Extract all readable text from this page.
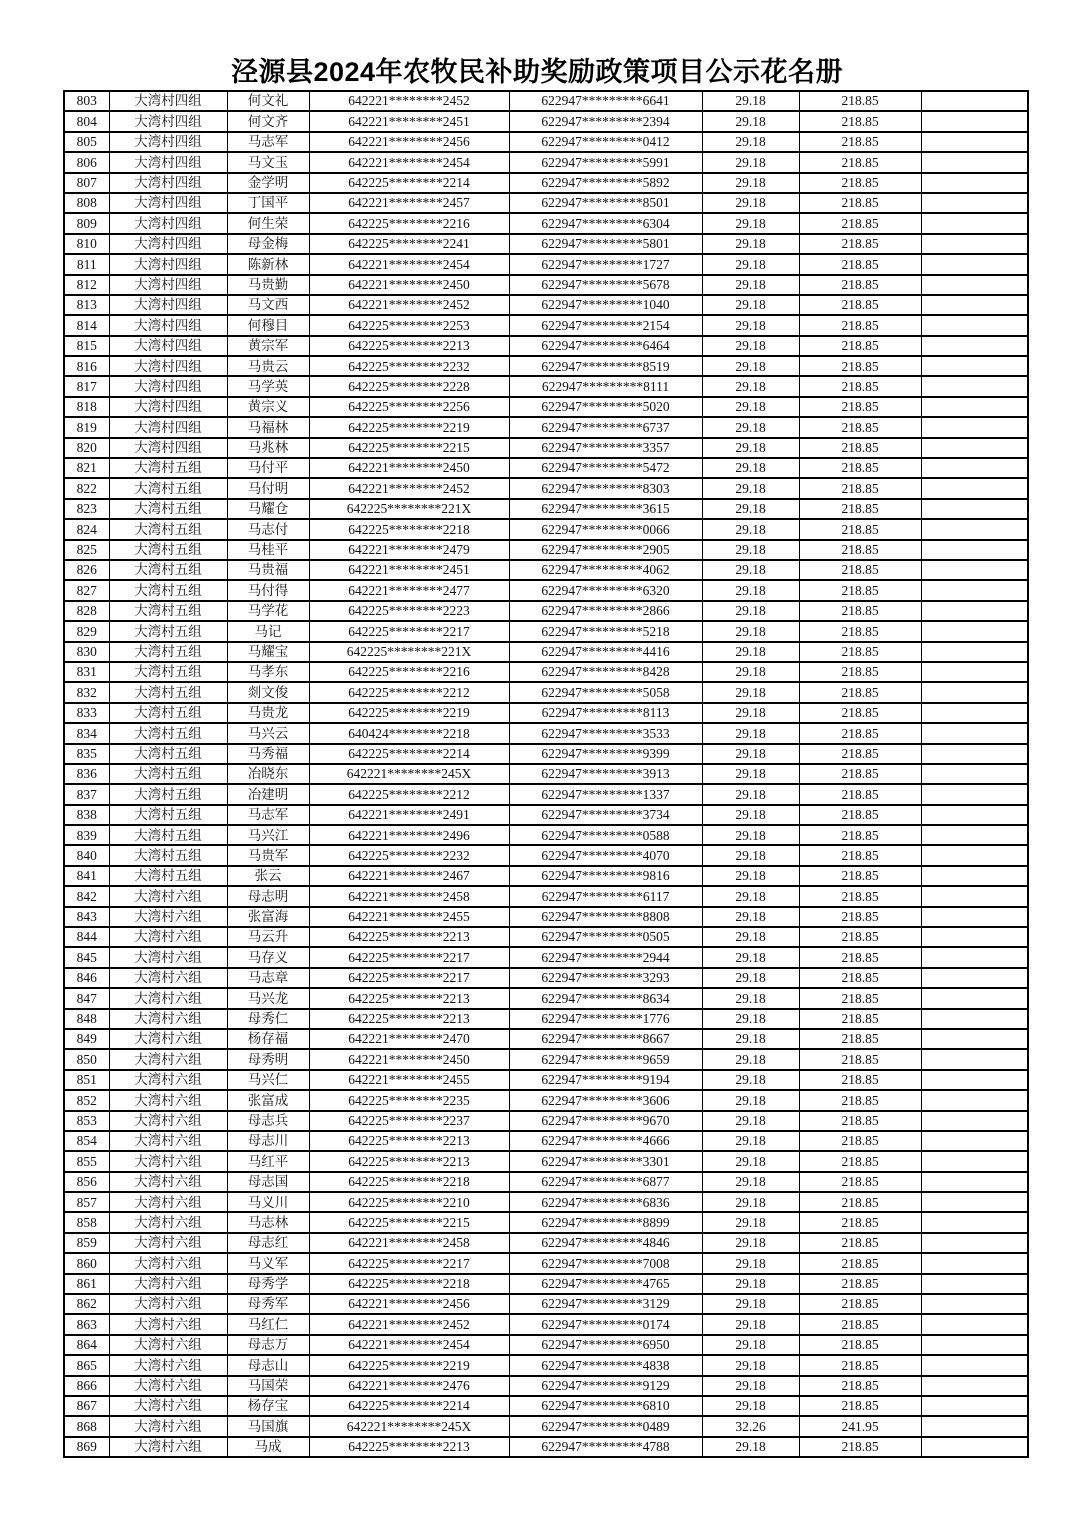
泾源县2024年农牧民补助奖励政策项目公示花名册
803	大湾村四组	何文礼	642221********2452	622947*********6641	29.18	218.85	
804	大湾村四组	何文齐	642221********2451	622947*********2394	29.18	218.85	
805	大湾村四组	马志军	642221********2456	622947*********0412	29.18	218.85	
806	大湾村四组	马文玉	642221********2454	622947*********5991	29.18	218.85	
807	大湾村四组	金学明	642225********2214	622947*********5892	29.18	218.85	
808	大湾村四组	丁国平	642221********2457	622947*********8501	29.18	218.85	
809	大湾村四组	何生荣	642225********2216	622947*********6304	29.18	218.85	
810	大湾村四组	母金梅	642225********2241	622947*********5801	29.18	218.85	
811	大湾村四组	陈新林	642221********2454	622947*********1727	29.18	218.85	
812	大湾村四组	马贵勤	642221********2450	622947*********5678	29.18	218.85	
813	大湾村四组	马文西	642221********2452	622947*********1040	29.18	218.85	
814	大湾村四组	何穆目	642225********2253	622947*********2154	29.18	218.85	
815	大湾村四组	黄宗军	642225********2213	622947*********6464	29.18	218.85	
816	大湾村四组	马贵云	642225********2232	622947*********8519	29.18	218.85	
817	大湾村四组	马学英	642225********2228	622947*********8111	29.18	218.85	
818	大湾村四组	黄宗义	642225********2256	622947*********5020	29.18	218.85	
819	大湾村四组	马福林	642225********2219	622947*********6737	29.18	218.85	
820	大湾村四组	马兆林	642225********2215	622947*********3357	29.18	218.85	
821	大湾村五组	马付平	642221********2450	622947*********5472	29.18	218.85	
822	大湾村五组	马付明	642221********2452	622947*********8303	29.18	218.85	
823	大湾村五组	马耀仓	642225********221X	622947*********3615	29.18	218.85	
824	大湾村五组	马志付	642225********2218	622947*********0066	29.18	218.85	
825	大湾村五组	马桂平	642221********2479	622947*********2905	29.18	218.85	
826	大湾村五组	马贵福	642221********2451	622947*********4062	29.18	218.85	
827	大湾村五组	马付得	642221********2477	622947*********6320	29.18	218.85	
828	大湾村五组	马学花	642225********2223	622947*********2866	29.18	218.85	
829	大湾村五组	马记	642225********2217	622947*********5218	29.18	218.85	
830	大湾村五组	马耀宝	642225********221X	622947*********4416	29.18	218.85	
831	大湾村五组	马孝东	642225********2216	622947*********8428	29.18	218.85	
832	大湾村五组	剡文俊	642225********2212	622947*********5058	29.18	218.85	
833	大湾村五组	马贵龙	642225********2219	622947*********8113	29.18	218.85	
834	大湾村五组	马兴云	640424********2218	622947*********3533	29.18	218.85	
835	大湾村五组	马秀福	642225********2214	622947*********9399	29.18	218.85	
836	大湾村五组	冶晓东	642221********245X	622947*********3913	29.18	218.85	
837	大湾村五组	冶建明	642225********2212	622947*********1337	29.18	218.85	
838	大湾村五组	马志军	642221********2491	622947*********3734	29.18	218.85	
839	大湾村五组	马兴江	642221********2496	622947*********0588	29.18	218.85	
840	大湾村五组	马贵军	642225********2232	622947*********4070	29.18	218.85	
841	大湾村五组	张云	642221********2467	622947*********9816	29.18	218.85	
842	大湾村六组	母志明	642221********2458	622947*********6117	29.18	218.85	
843	大湾村六组	张富海	642221********2455	622947*********8808	29.18	218.85	
844	大湾村六组	马云升	642225********2213	622947*********0505	29.18	218.85	
845	大湾村六组	马存义	642225********2217	622947*********2944	29.18	218.85	
846	大湾村六组	马志章	642225********2217	622947*********3293	29.18	218.85	
847	大湾村六组	马兴龙	642225********2213	622947*********8634	29.18	218.85	
848	大湾村六组	母秀仁	642225********2213	622947*********1776	29.18	218.85	
849	大湾村六组	杨存福	642221********2470	622947*********8667	29.18	218.85	
850	大湾村六组	母秀明	642221********2450	622947*********9659	29.18	218.85	
851	大湾村六组	马兴仁	642221********2455	622947*********9194	29.18	218.85	
852	大湾村六组	张富成	642225********2235	622947*********3606	29.18	218.85	
853	大湾村六组	母志兵	642225********2237	622947*********9670	29.18	218.85	
854	大湾村六组	母志川	642225********2213	622947*********4666	29.18	218.85	
855	大湾村六组	马红平	642225********2213	622947*********3301	29.18	218.85	
856	大湾村六组	母志国	642225********2218	622947*********6877	29.18	218.85	
857	大湾村六组	马义川	642225********2210	622947*********6836	29.18	218.85	
858	大湾村六组	马志林	642225********2215	622947*********8899	29.18	218.85	
859	大湾村六组	母志红	642221********2458	622947*********4846	29.18	218.85	
860	大湾村六组	马义军	642225********2217	622947*********7008	29.18	218.85	
861	大湾村六组	母秀学	642225********2218	622947*********4765	29.18	218.85	
862	大湾村六组	母秀军	642221********2456	622947*********3129	29.18	218.85	
863	大湾村六组	马红仁	642221********2452	622947*********0174	29.18	218.85	
864	大湾村六组	母志万	642221********2454	622947*********6950	29.18	218.85	
865	大湾村六组	母志山	642225********2219	622947*********4838	29.18	218.85	
866	大湾村六组	马国荣	642221********2476	622947*********9129	29.18	218.85	
867	大湾村六组	杨存宝	642225********2214	622947*********6810	29.18	218.85	
868	大湾村六组	马国旗	642221********245X	622947*********0489	32.26	241.95	
869	大湾村六组	马成	642225********2213	622947*********4788	29.18	218.85	
